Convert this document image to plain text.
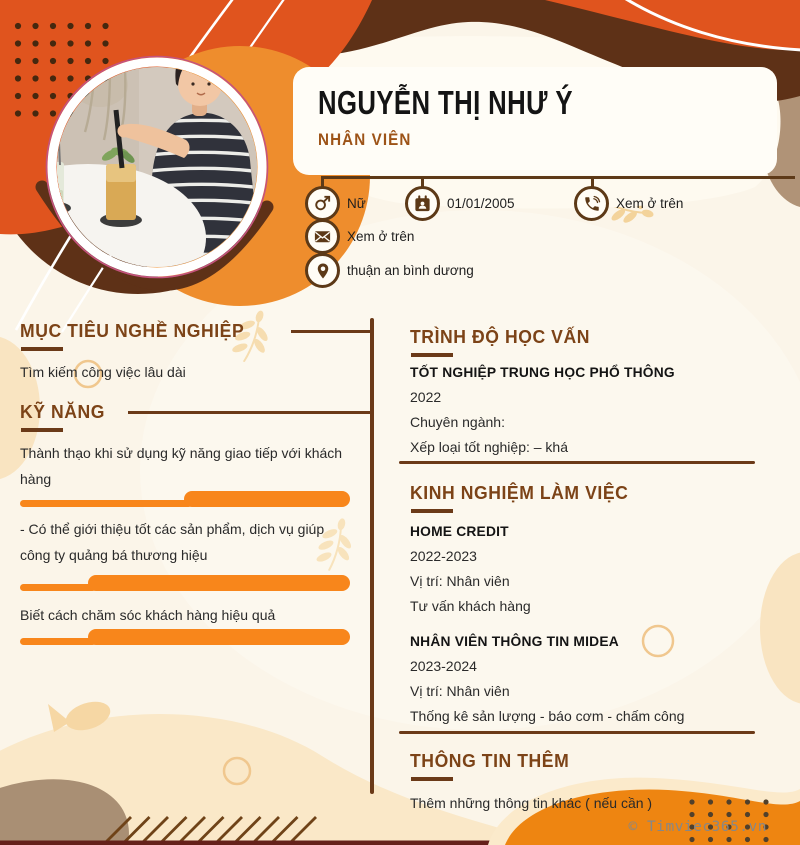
NGUYỄN THỊ NHƯ Ý
NHÂN VIÊN
Nữ	01/01/2005	Xem ở trên
Xem ở trên
thuận an bình dương
MỤC TIÊU NGHỀ NGHIỆP
Tìm kiếm công việc lâu dài
KỸ NĂNG
Thành thạo khi sử dụng kỹ năng giao tiếp với khách hàng
- Có thể giới thiệu tốt các sản phẩm, dịch vụ giúp công ty quảng bá thương hiệu
Biết cách chăm sóc khách hàng hiệu quả
TRÌNH ĐỘ HỌC VẤN
TỐT NGHIỆP TRUNG HỌC PHỔ THÔNG
2022
Chuyên ngành:
Xếp loại tốt nghiệp: – khá
KINH NGHIỆM LÀM VIỆC
HOME CREDIT
2022-2023
Vị trí: Nhân viên
Tư vấn khách hàng
NHÂN VIÊN THÔNG TIN MIDEA
2023-2024
Vị trí: Nhân viên
Thống kê sản lượng - báo cơm - chấm công
THÔNG TIN THÊM
Thêm những thông tin khác ( nếu cần )
© Timviec365.vn
